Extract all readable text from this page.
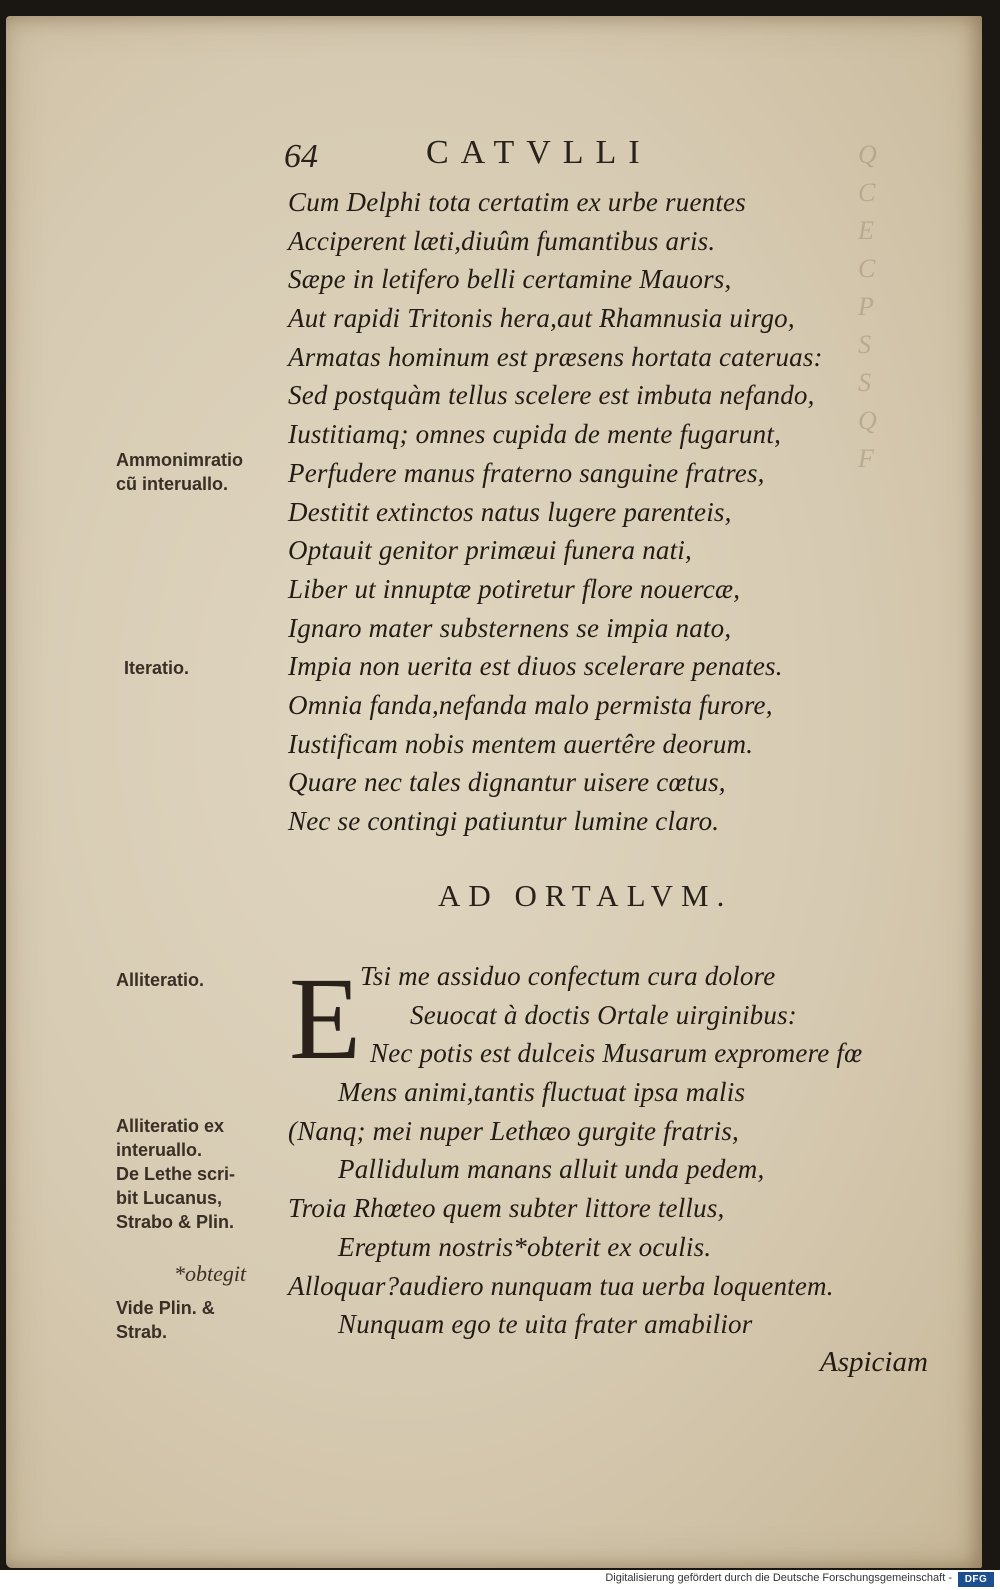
Q
C
E
C
P
S
S
Q
F
64	CATVLLI
Cum Delphi tota certatim ex urbe ruentes
Acciperent læti,diuûm fumantibus aris.
Sæpe in letifero belli certamine Mauors,
Aut rapidi Tritonis hera,aut Rhamnusia uirgo,
Armatas hominum est præsens hortata cateruas:
Sed postquàm tellus scelere est imbuta nefando,
Iustitiamq; omnes cupida de mente fugarunt,
Perfudere manus fraterno sanguine fratres,
Destitit extinctos natus lugere parenteis,
Optauit genitor primæui funera nati,
Liber ut innuptæ potiretur flore nouercæ,
Ignaro mater substernens se impia nato,
Impia non uerita est diuos scelerare penates.
Omnia fanda,nefanda malo permista furore,
Iustificam nobis mentem auertêre deorum.
Quare nec tales dignantur uisere cœtus,
Nec se contingi patiuntur lumine claro.
Ammonimratio
cũ interuallo.
Iteratio.
AD ORTALVM.
E
Tsi me assiduo confectum cura dolore
Seuocat à doctis Ortale uirginibus:
Nec potis est dulceis Musarum expromere fœ
Mens animi,tantis fluctuat ipsa malis
(Nanq; mei nuper Lethæo gurgite fratris,
Pallidulum manans alluit unda pedem,
Troia Rhœteo quem subter littore tellus,
Ereptum nostris*obterit ex oculis.
Alloquar?audiero nunquam tua uerba loquentem.
Nunquam ego te uita frater amabilior
Alliteratio.
Alliteratio ex
interuallo.
De Lethe scri-
bit Lucanus,
Strabo & Plin.
*obtegit
Vide Plin. &
Strab.
Aspiciam
Digitalisierung gefördert durch die Deutsche Forschungsgemeinschaft -	DFG
